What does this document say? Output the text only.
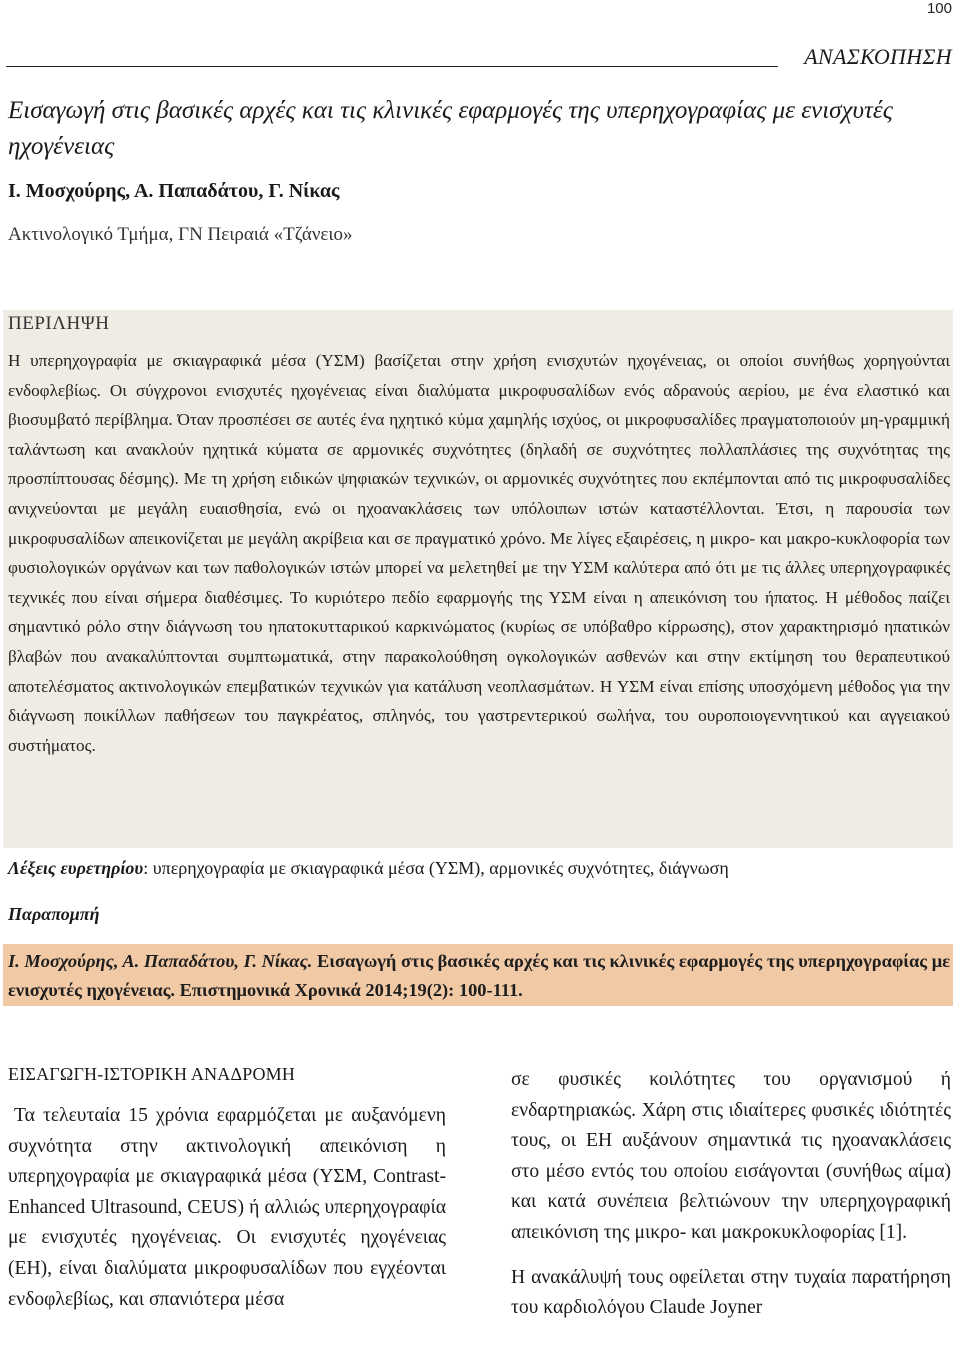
100
ΑΝΑΣΚΟΠΗΣΗ
Εισαγωγή στις βασικές αρχές και τις κλινικές εφαρμογές της υπερηχογραφίας με ενισχυτές ηχογένειας
Ι. Μοσχούρης, Α. Παπαδάτου, Γ. Νίκας
Ακτινολογικό Τμήμα, ΓΝ Πειραιά «Τζάνειο»
ΠΕΡΙΛΗΨΗ
Η υπερηχογραφία με σκιαγραφικά μέσα (ΥΣΜ) βασίζεται στην χρήση ενισχυτών ηχογένειας, οι οποίοι συνήθως χορηγούνται ενδοφλεβίως. Οι σύγχρονοι ενισχυτές ηχογένειας είναι διαλύματα μικροφυσαλίδων ενός αδρανούς αερίου, με ένα ελαστικό και βιοσυμβατό περίβλημα. Όταν προσπέσει σε αυτές ένα ηχητικό κύμα χαμηλής ισχύος, οι μικροφυσαλίδες πραγματοποιούν μη-γραμμική ταλάντωση και ανακλούν ηχητικά κύματα σε αρμονικές συχνότητες (δηλαδή σε συχνότητες πολλαπλάσιες της συχνότητας της προσπίπτουσας δέσμης). Με τη χρήση ειδικών ψηφιακών τεχνικών, οι αρμονικές συχνότητες που εκπέμπονται από τις μικροφυσαλίδες ανιχνεύονται με μεγάλη ευαισθησία, ενώ οι ηχοανακλάσεις των υπόλοιπων ιστών καταστέλλονται. Έτσι, η παρουσία των μικροφυσαλίδων απεικονίζεται με μεγάλη ακρίβεια και σε πραγματικό χρόνο. Με λίγες εξαιρέσεις, η μικρο- και μακρο-κυκλοφορία των φυσιολογικών οργάνων και των παθολογικών ιστών μπορεί να μελετηθεί με την ΥΣΜ καλύτερα από ότι με τις άλλες υπερηχογραφικές τεχνικές που είναι σήμερα διαθέσιμες. Το κυριότερο πεδίο εφαρμογής της ΥΣΜ είναι η απεικόνιση του ήπατος. Η μέθοδος παίζει σημαντικό ρόλο στην διάγνωση του ηπατοκυτταρικού καρκινώματος (κυρίως σε υπόβαθρο κίρρωσης), στον χαρακτηρισμό ηπατικών βλαβών που ανακαλύπτονται συμπτωματικά, στην παρακολούθηση ογκολογικών ασθενών και στην εκτίμηση του θεραπευτικού αποτελέσματος ακτινολογικών επεμβατικών τεχνικών για κατάλυση νεοπλασμάτων. Η ΥΣΜ είναι επίσης υποσχόμενη μέθοδος για την διάγνωση ποικίλλων παθήσεων του παγκρέατος, σπληνός, του γαστρεντερικού σωλήνα, του ουροποιογεννητικού και αγγειακού συστήματος.
Λέξεις ευρετηρίου: υπερηχογραφία με σκιαγραφικά μέσα (ΥΣΜ), αρμονικές συχνότητες, διάγνωση
Παραπομπή
Ι. Μοσχούρης, Α. Παπαδάτου, Γ. Νίκας. Εισαγωγή στις βασικές αρχές και τις κλινικές εφαρμογές της υπερηχογραφίας με ενισχυτές ηχογένειας. Επιστημονικά Χρονικά 2014;19(2): 100-111.
ΕΙΣΑΓΩΓΗ-ΙΣΤΟΡΙΚΗ ΑΝΑΔΡΟΜΗ

Τα τελευταία 15 χρόνια εφαρμόζεται με αυξανόμενη συχνότητα στην ακτινολογική απεικόνιση η υπερηχογραφία με σκιαγραφικά μέσα (ΥΣΜ, Contrast-Enhanced Ultrasound, CEUS) ή αλλιώς υπερηχογραφία με ενισχυτές ηχογένειας. Οι ενισχυτές ηχογένειας (ΕΗ), είναι διαλύματα μικροφυσαλίδων που εγχέονται ενδοφλεβίως, και σπανιότερα μέσα

σε φυσικές κοιλότητες του οργανισμού ή ενδαρτηριακώς. Χάρη στις ιδιαίτερες φυσικές ιδιότητές τους, οι ΕΗ αυξάνουν σημαντικά τις ηχοανακλάσεις στο μέσο εντός του οποίου εισάγονται (συνήθως αίμα) και κατά συνέπεια βελτιώνουν την υπερηχογραφική απεικόνιση της μικρο- και μακροκυκλοφορίας [1].

Η ανακάλυψή τους οφείλεται στην τυχαία παρατήρηση του καρδιολόγου Claude Joyner
